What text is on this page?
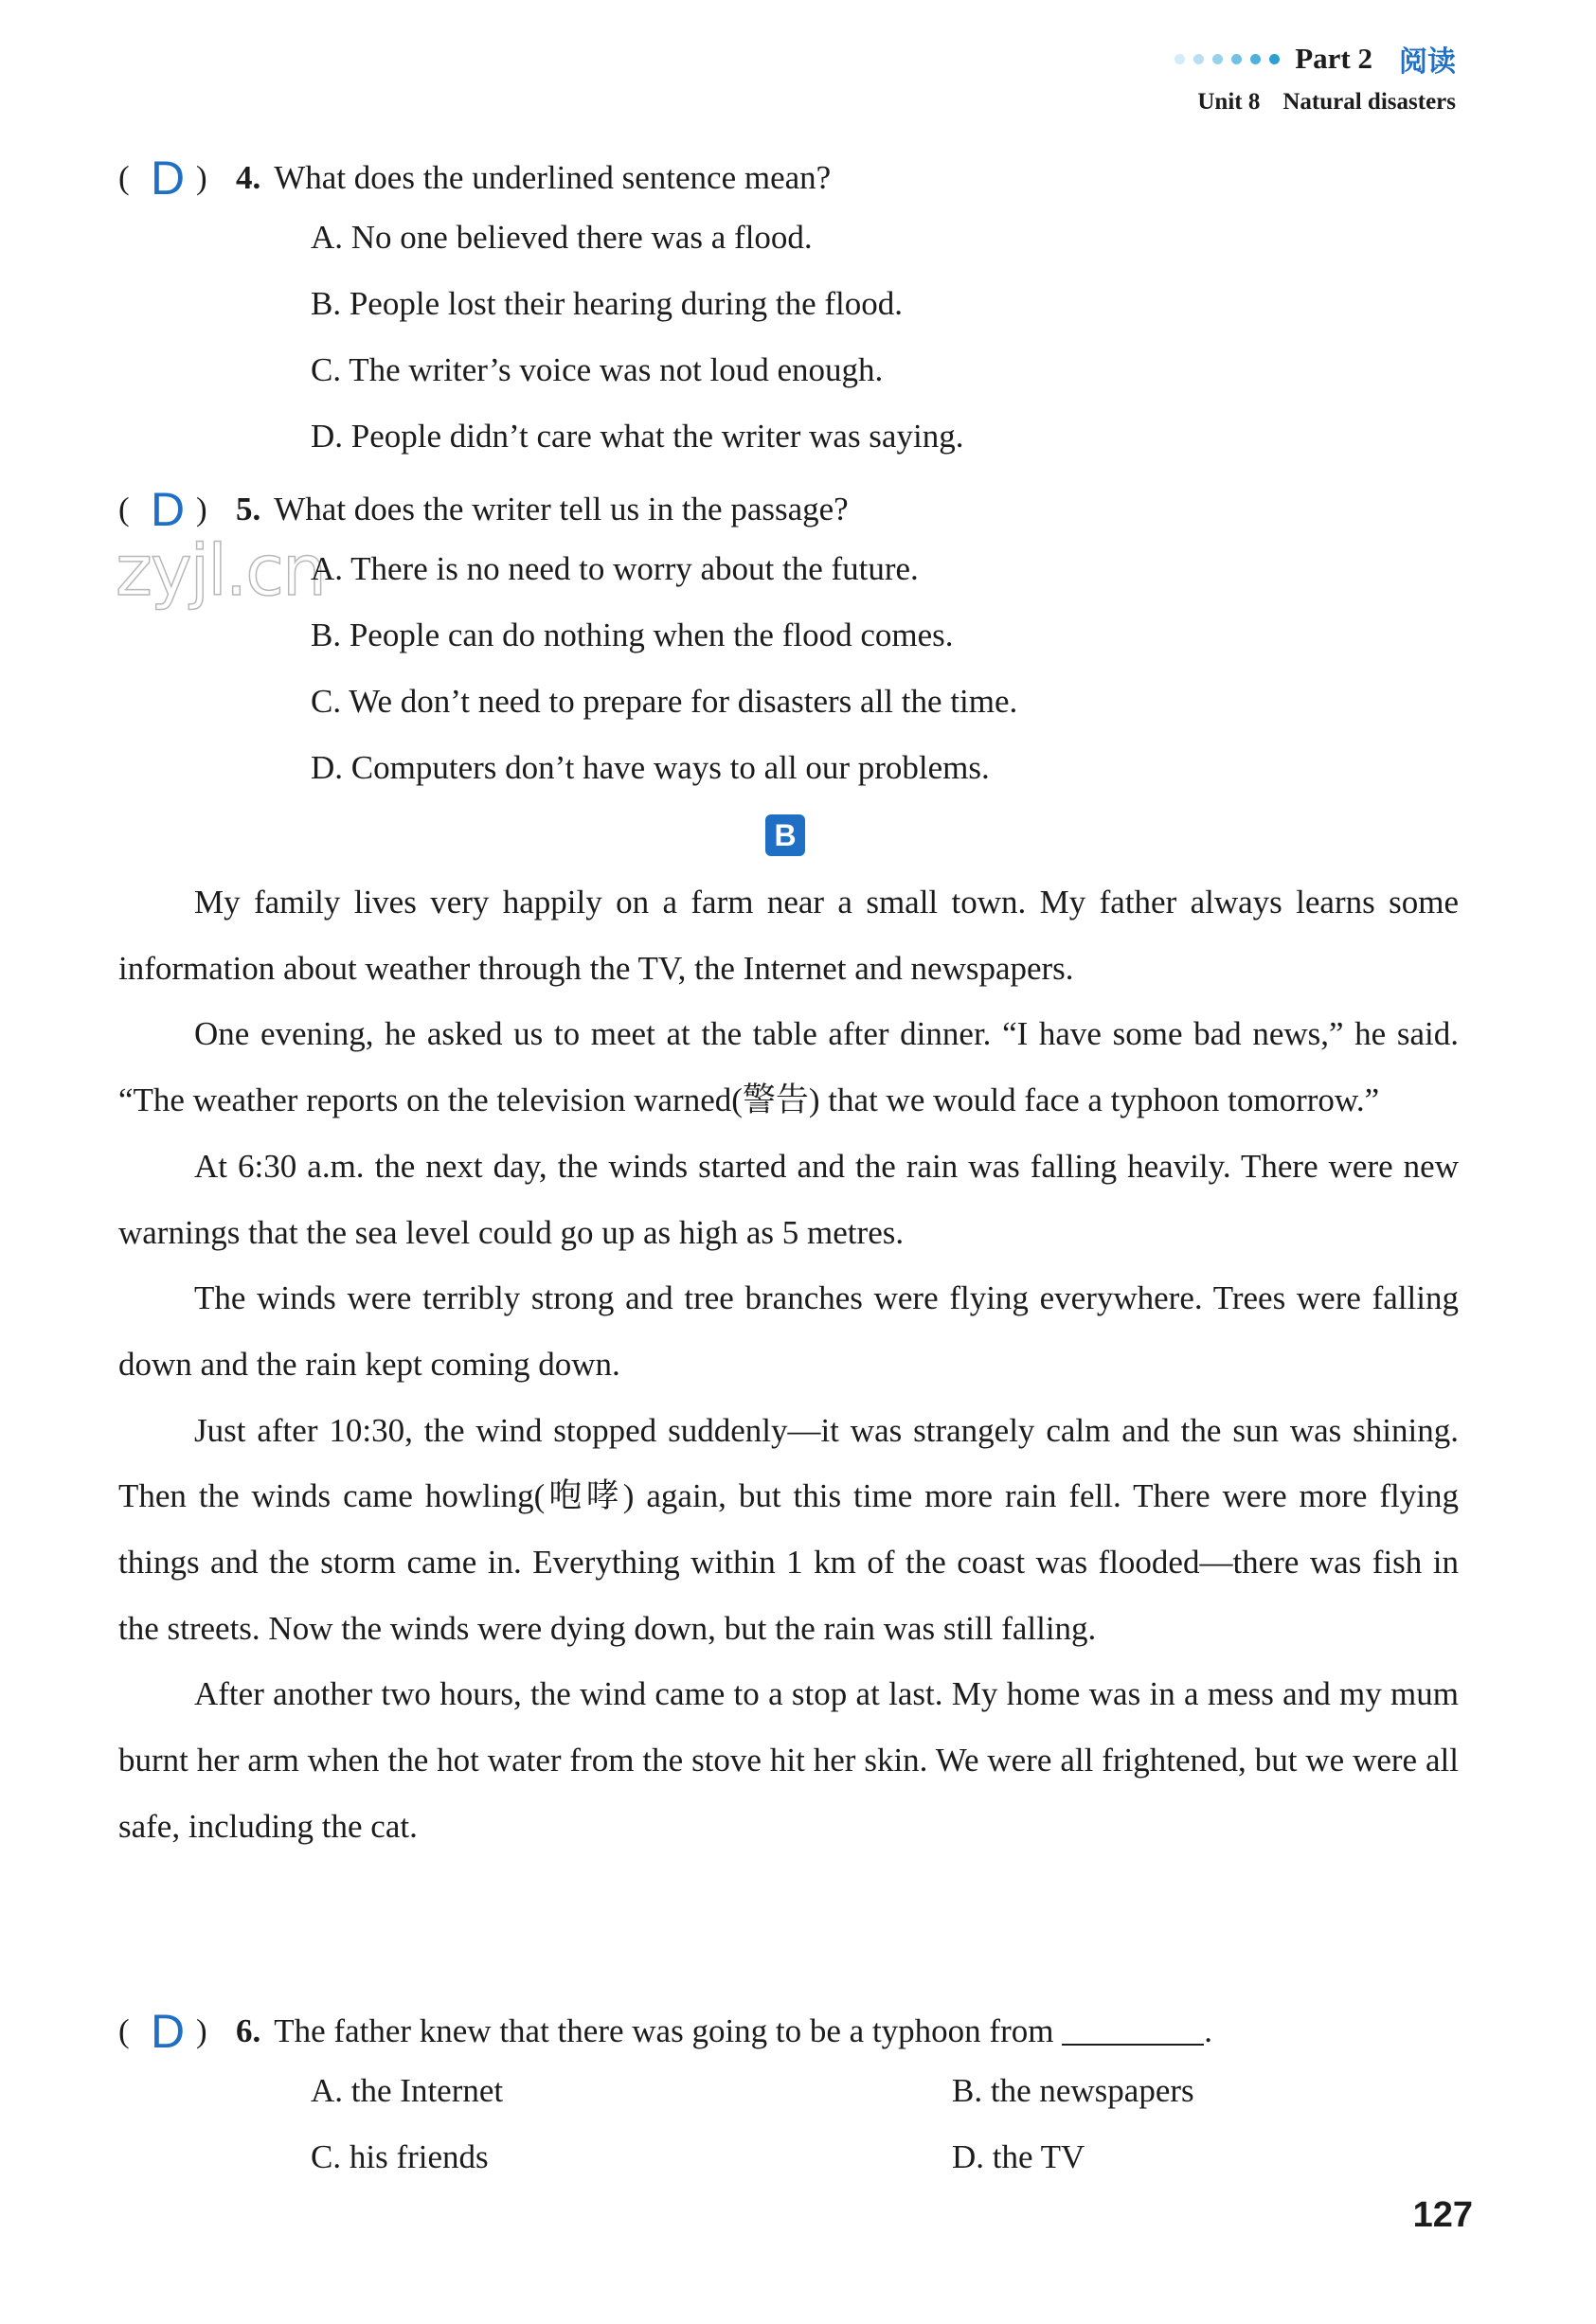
Part 2 阅读
Unit 8 Natural disasters
( D ) 4. What does the underlined sentence mean?
A. No one believed there was a flood.
B. People lost their hearing during the flood.
C. The writer’s voice was not loud enough.
D. People didn’t care what the writer was saying.
( D ) 5. What does the writer tell us in the passage?
zyjl.cn
A. There is no need to worry about the future.
B. People can do nothing when the flood comes.
C. We don’t need to prepare for disasters all the time.
D. Computers don’t have ways to all our problems.
B

My family lives very happily on a farm near a small town. My father always learns some information about weather through the TV, the Internet and newspapers.

One evening, he asked us to meet at the table after dinner. “I have some bad news,” he said. “The weather reports on the television warned(警告) that we would face a typhoon tomorrow.”

At 6:30 a.m. the next day, the winds started and the rain was falling heavily. There were new warnings that the sea level could go up as high as 5 metres.

The winds were terribly strong and tree branches were flying everywhere. Trees were falling down and the rain kept coming down.

Just after 10:30, the wind stopped suddenly—it was strangely calm and the sun was shining. Then the winds came howling(咆哮) again, but this time more rain fell. There were more flying things and the storm came in. Everything within 1 km of the coast was flooded—there was fish in the streets. Now the winds were dying down, but the rain was still falling.

After another two hours, the wind came to a stop at last. My home was in a mess and my mum burnt her arm when the hot water from the stove hit her skin. We were all frightened, but we were all safe, including the cat.

( D ) 6. The father knew that there was going to be a typhoon from	.
A. the Internet	B. the newspapers
C. his friends	D. the TV
127
